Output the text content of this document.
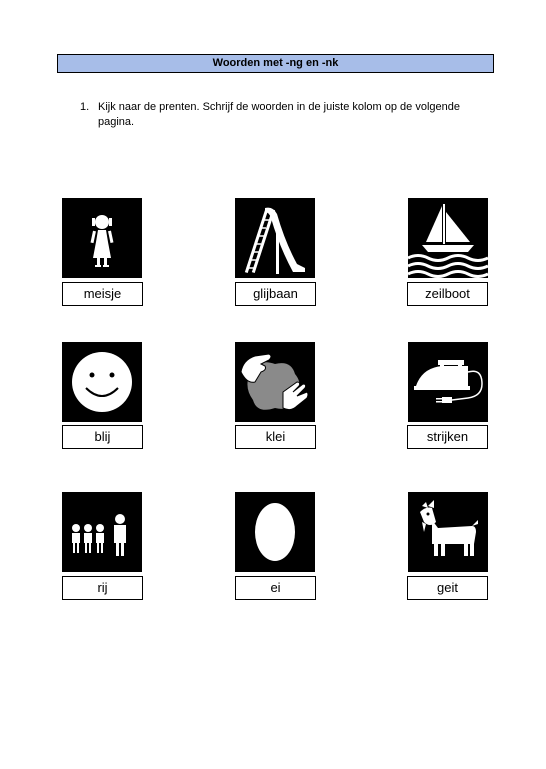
Woorden met -ng en -nk
1. Kijk naar de prenten. Schrijf de woorden in de juiste kolom op de volgende pagina.
meisje	glijbaan	zeilboot
blij	klei	strijken
rij	ei	geit
